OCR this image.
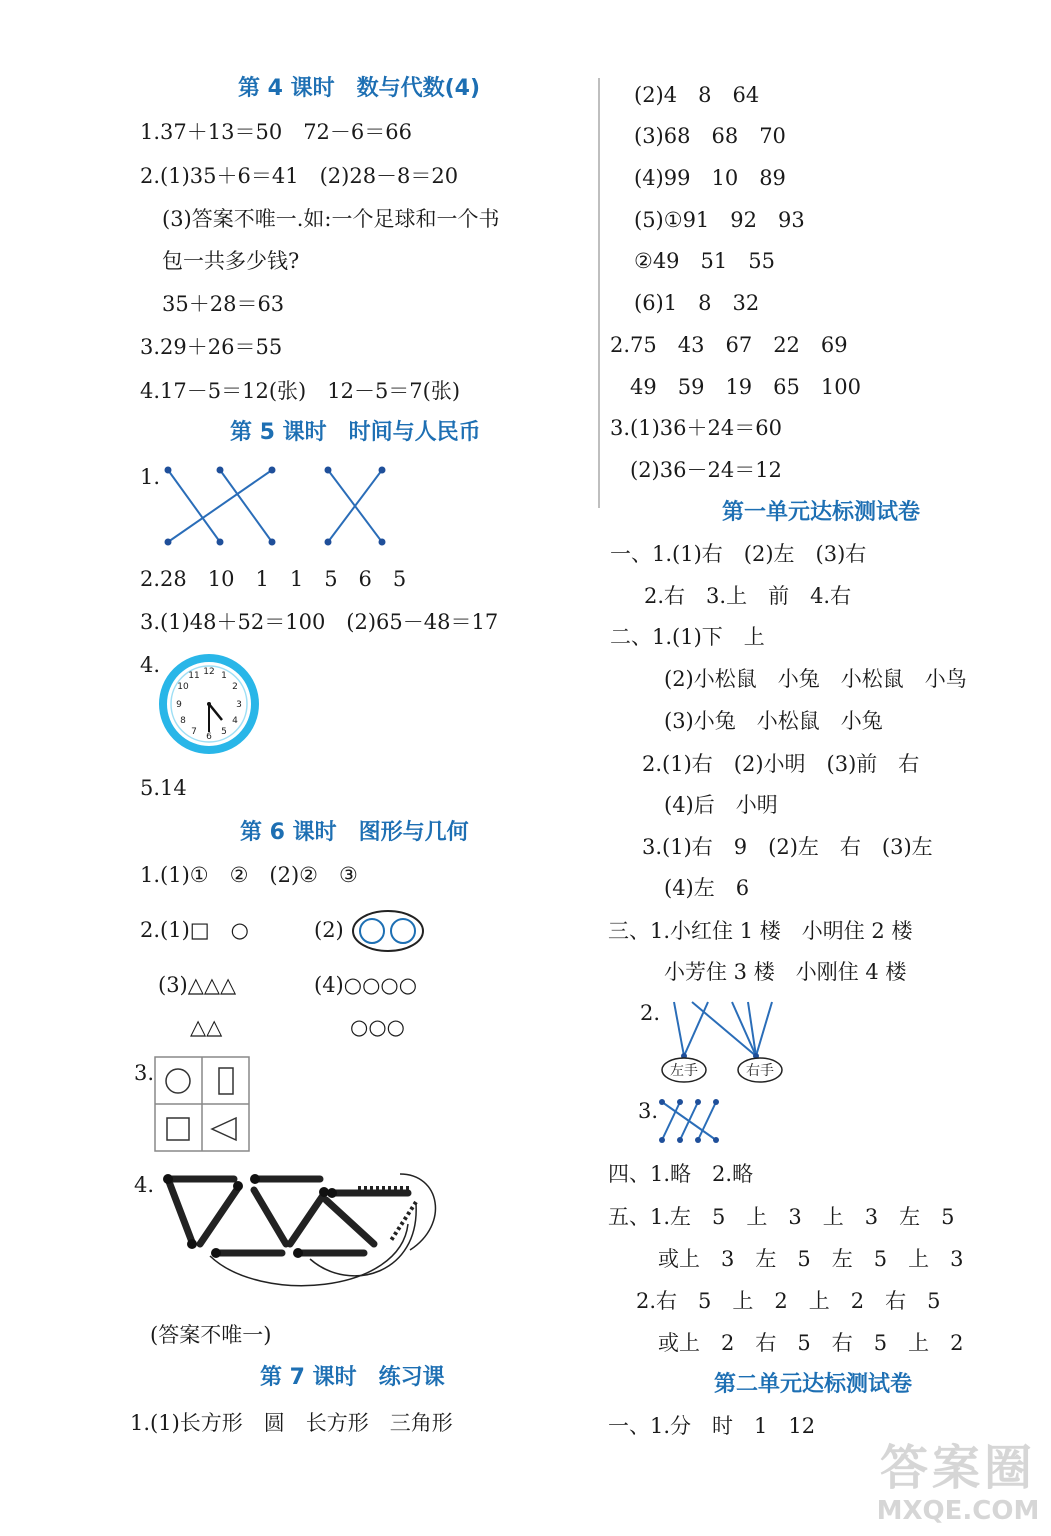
第 4 课时　数与代数(4)
1.37＋13＝50　72－6＝66
2.(1)35＋6＝41　(2)28－8＝20
(3)答案不唯一.如:一个足球和一个书
包一共多少钱?
35＋28＝63
3.29＋26＝55
4.17－5＝12(张)　12－5＝7(张)
第 5 课时　时间与人民币
1.
2.28　10　1　1　5　6　5
3.(1)48＋52＝100　(2)65－48＝17
4.	12 1
2
3
4
5
6
7
8
9
10
11
5.14
第 6 课时　图形与几何
1.(1)①　②　(2)②　③
2.(1)□　○	(2)
(3)△△△	(4)○○○○
△△	○○○
3.
4.
(答案不唯一)
第 7 课时　练习课
1.(1)长方形　圆　长方形　三角形
(2)4　8　64
(3)68　68　70
(4)99　10　89
(5)①91　92　93
②49　51　55
(6)1　8　32
2.75　43　67　22　69
49　59　19　65　100
3.(1)36＋24＝60
(2)36－24＝12
第一单元达标测试卷
一、1.(1)右　(2)左　(3)右
2.右　3.上　前　4.右
二、1.(1)下　上
(2)小松鼠　小兔　小松鼠　小鸟
(3)小兔　小松鼠　小兔
2.(1)右　(2)小明　(3)前　右
(4)后　小明
3.(1)右　9　(2)左　右　(3)左
(4)左　6
三、1.小红住 1 楼　小明住 2 楼
小芳住 3 楼　小刚住 4 楼
2.
左手	右手
3.
四、1.略　2.略
五、1.左　5　上　3　上　3　左　5
或上　3　左　5　左　5　上　3
2.右　5　上　2　上　2　右　5
或上　2　右　5　右　5　上　2
第二单元达标测试卷
一、1.分　时　1　12
答案圈
MXQE.COM
